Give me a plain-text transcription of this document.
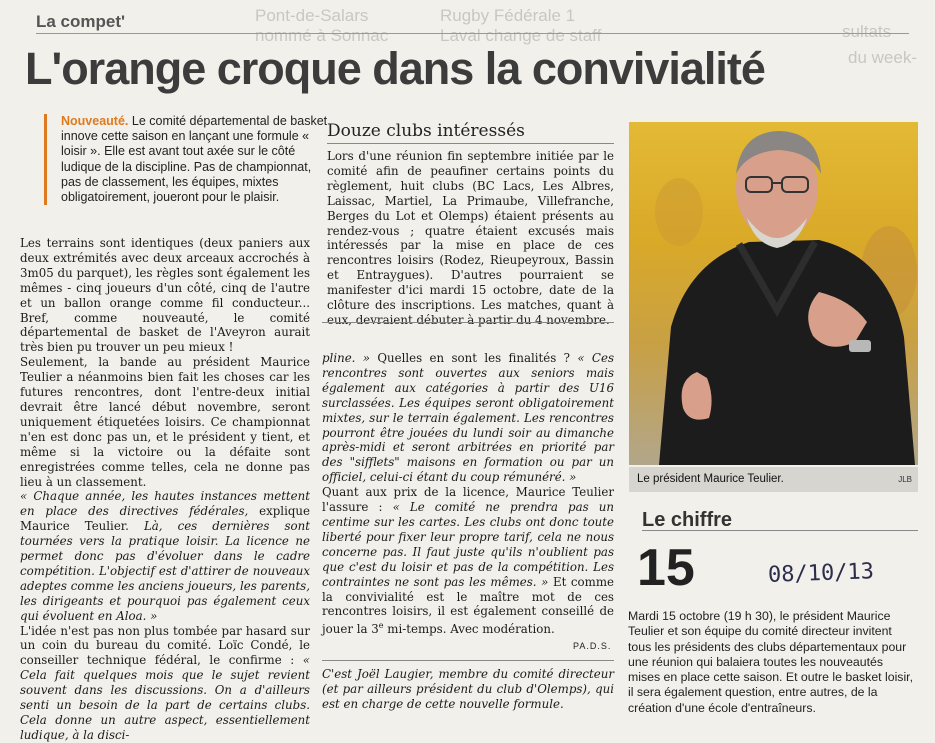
Pont-de-Salars
nommé à Sonnac
Rugby Fédérale 1
Laval change de staff	sultats
du week-
La compet'
L'orange croque dans la convivialité
Nouveauté. Le comité départemental de basket innove cette saison en lançant une formule « loisir ». Elle est avant tout axée sur le côté ludique de la discipline. Pas de championnat, pas de classement, les équipes, mixtes obligatoirement, joueront pour le plaisir.

Les terrains sont identiques (deux paniers aux deux extrémités avec deux arceaux accrochés à 3m05 du parquet), les règles sont également les mêmes - cinq joueurs d'un côté, cinq de l'autre et un ballon orange comme fil conducteur... Bref, comme nouveauté, le comité départemental de basket de l'Aveyron aurait très bien pu trouver un peu mieux !

Seulement, la bande au président Maurice Teulier a néanmoins bien fait les choses car les futures rencontres, dont l'entre-deux initial devrait être lancé début novembre, seront uniquement étiquetées loisirs. Ce championnat n'en est donc pas un, et le président y tient, et même si la victoire ou la défaite sont enregistrées comme telles, cela ne donne pas lieu à un classement.

« Chaque année, les hautes instances mettent en place des directives fédérales, explique Maurice Teulier. Là, ces dernières sont tournées vers la pratique loisir. La licence ne permet donc pas d'évoluer dans le cadre compétition. L'objectif est d'attirer de nouveaux adeptes comme les anciens joueurs, les parents, les dirigeants et pourquoi pas également ceux qui évoluent en Aloa. »

L'idée n'est pas non plus tombée par hasard sur un coin du bureau du comité. Loïc Condé, le conseiller technique fédéral, le confirme : « Cela fait quelques mois que le sujet revient souvent dans les discussions. On a d'ailleurs senti un besoin de la part de certains clubs. Cela donne un autre aspect, essentiellement ludique, à la disci-

Douze clubs intéressés
Lors d'une réunion fin septembre initiée par le comité afin de peaufiner certains points du règlement, huit clubs (BC Lacs, Les Albres, Laissac, Martiel, La Primaube, Villefranche, Berges du Lot et Olemps) étaient présents au rendez-vous ; quatre étaient excusés mais intéressés par la mise en place de ces rencontres loisirs (Rodez, Rieupeyroux, Bassin et Entraygues). D'autres pourraient se manifester d'ici mardi 15 octobre, date de la clôture des inscriptions. Les matches, quant à eux, devraient débuter à partir du 4 novembre.

pline. » Quelles en sont les finalités ? « Ces rencontres sont ouvertes aux seniors mais également aux catégories à partir des U16 surclassées. Les équipes seront obligatoirement mixtes, sur le terrain également. Les rencontres pourront être jouées du lundi soir au dimanche après-midi et seront arbitrées en priorité par des "sifflets" maisons en formation ou par un officiel, celui-ci étant du coup rémunéré. »

Quant aux prix de la licence, Maurice Teulier l'assure : « Le comité ne prendra pas un centime sur les cartes. Les clubs ont donc toute liberté pour fixer leur propre tarif, cela ne nous concerne pas. Il faut juste qu'ils n'oublient pas que c'est du loisir et pas de la compétition. Les contraintes ne sont pas les mêmes. » Et comme la convivialité est le maître mot de ces rencontres loisirs, il est également conseillé de jouer la 3e mi-temps. Avec modération.

PA.D.S.
C'est Joël Laugier, membre du comité directeur (et par ailleurs président du club d'Olemps), qui est en charge de cette nouvelle formule.
Le président Maurice Teulier.	JLB
Le chiffre
15	08/10/13
Mardi 15 octobre (19 h 30), le président Maurice Teulier et son équipe du comité directeur invitent tous les présidents des clubs départementaux pour une réunion qui balaiera toutes les nouveautés mises en place cette saison. Et outre le basket loisir, il sera également question, entre autres, de la création d'une école d'entraîneurs.
